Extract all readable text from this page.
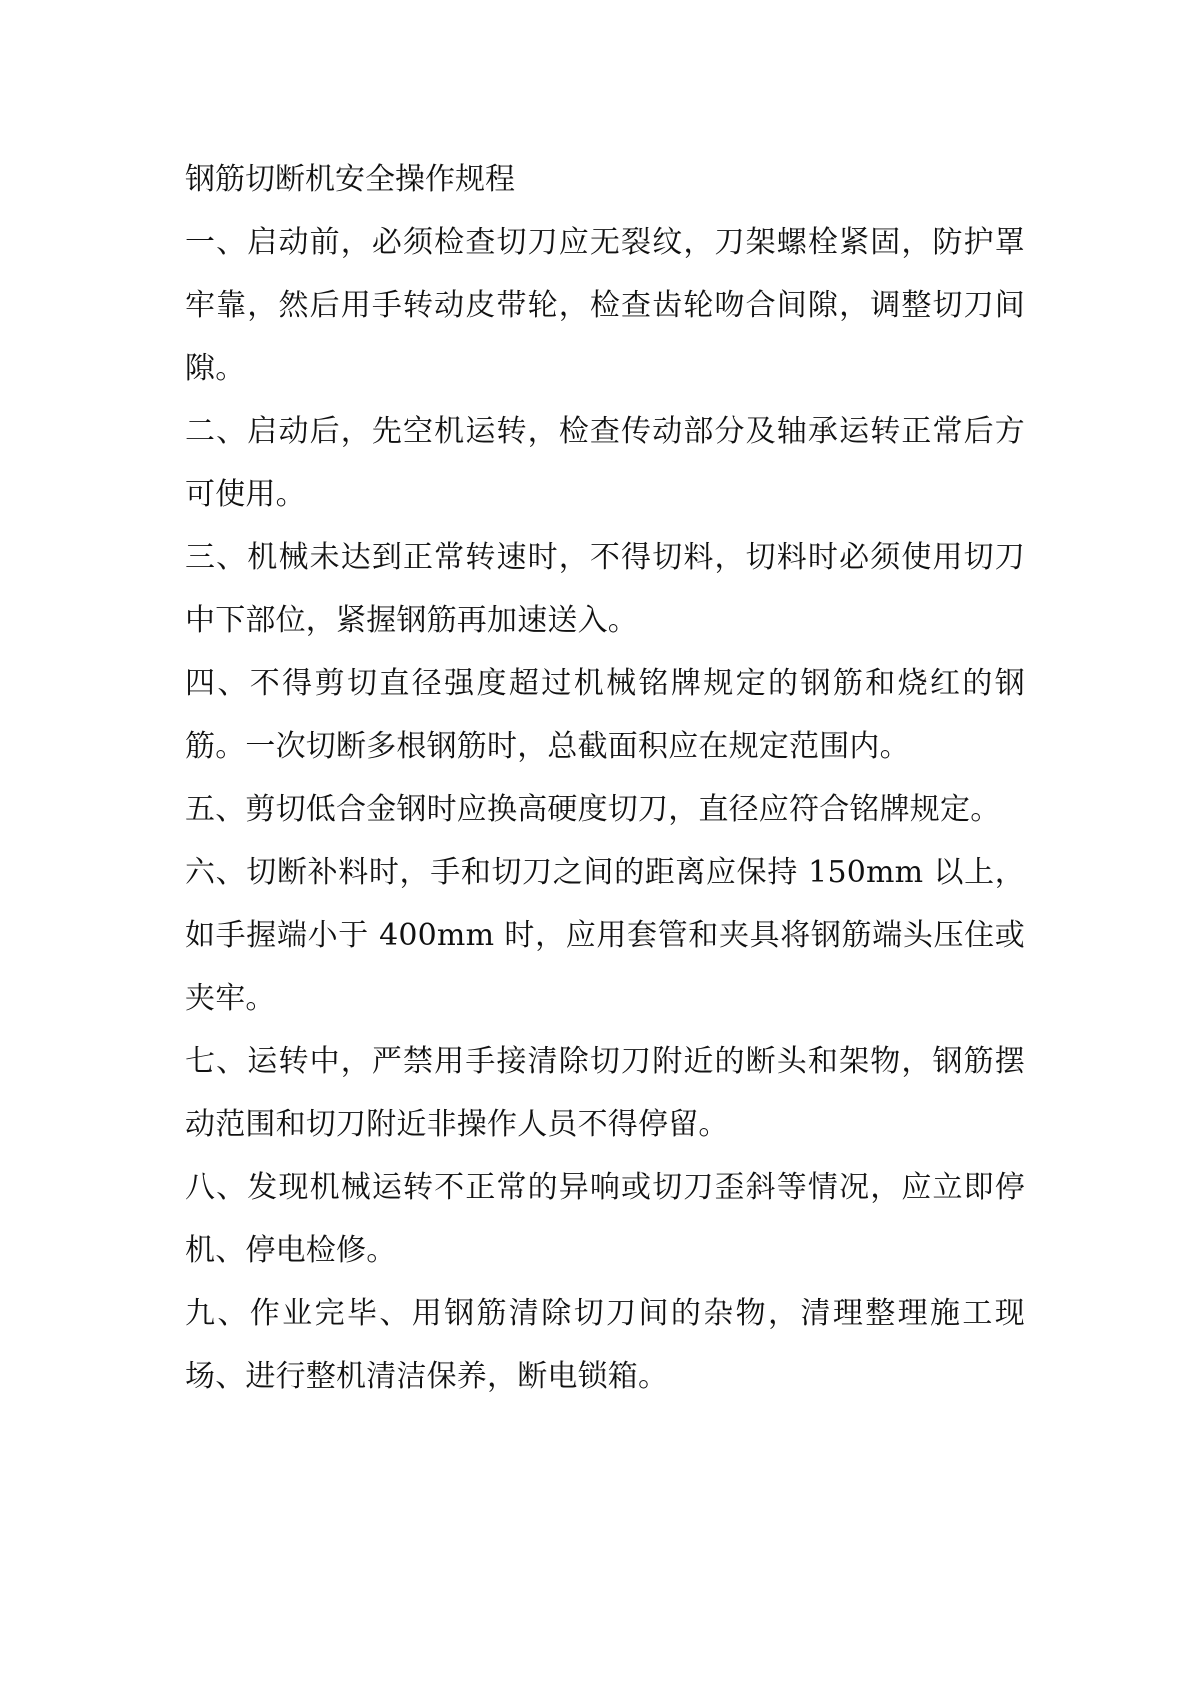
钢筋切断机安全操作规程

一、启动前，必须检查切刀应无裂纹，刀架螺栓紧固，防护罩牢靠，然后用手转动皮带轮，检查齿轮吻合间隙，调整切刀间隙。

二、启动后，先空机运转，检查传动部分及轴承运转正常后方可使用。

三、机械未达到正常转速时，不得切料，切料时必须使用切刀中下部位，紧握钢筋再加速送入。

四、不得剪切直径强度超过机械铭牌规定的钢筋和烧红的钢筋。一次切断多根钢筋时，总截面积应在规定范围内。

五、剪切低合金钢时应换高硬度切刀，直径应符合铭牌规定。

六、切断补料时，手和切刀之间的距离应保持 150mm 以上，如手握端小于 400mm 时，应用套管和夹具将钢筋端头压住或夹牢。

七、运转中，严禁用手接清除切刀附近的断头和架物，钢筋摆动范围和切刀附近非操作人员不得停留。

八、发现机械运转不正常的异响或切刀歪斜等情况，应立即停机、停电检修。

九、作业完毕、用钢筋清除切刀间的杂物，清理整理施工现场、进行整机清洁保养，断电锁箱。
